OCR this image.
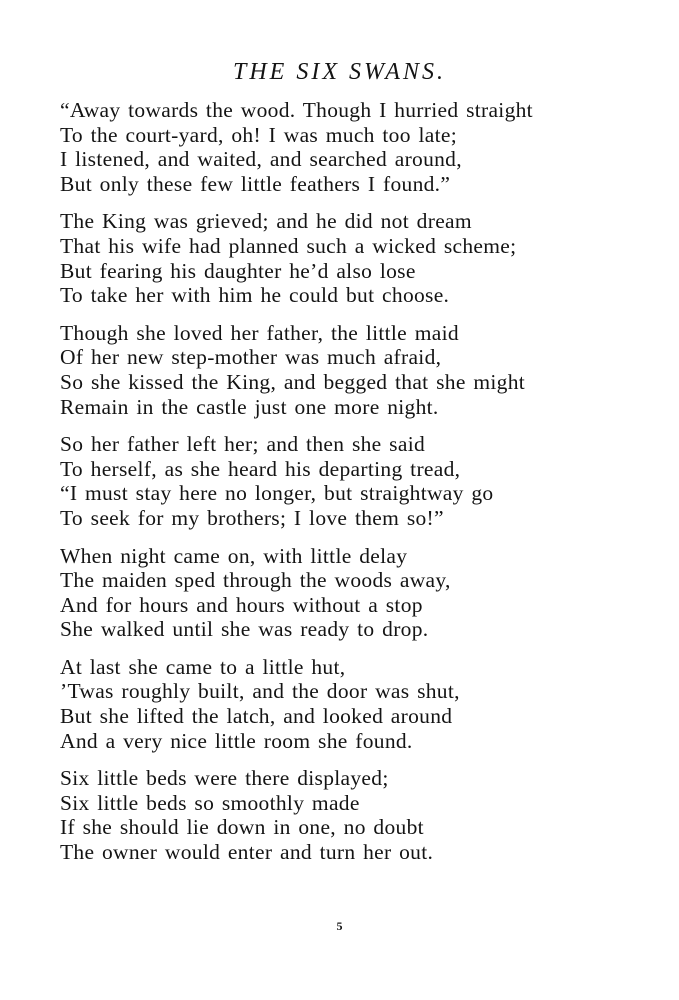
THE SIX SWANS.
“Away towards the wood. Though I hurried straight
To the court-yard, oh! I was much too late;
I listened, and waited, and searched around,
But only these few little feathers I found.”
The King was grieved; and he did not dream
That his wife had planned such a wicked scheme;
But fearing his daughter he’d also lose
To take her with him he could but choose.
Though she loved her father, the little maid
Of her new step-mother was much afraid,
So she kissed the King, and begged that she might
Remain in the castle just one more night.
So her father left her; and then she said
To herself, as she heard his departing tread,
“I must stay here no longer, but straightway go
To seek for my brothers; I love them so!”
When night came on, with little delay
The maiden sped through the woods away,
And for hours and hours without a stop
She walked until she was ready to drop.
At last she came to a little hut,
’Twas roughly built, and the door was shut,
But she lifted the latch, and looked around
And a very nice little room she found.
Six little beds were there displayed;
Six little beds so smoothly made
If she should lie down in one, no doubt
The owner would enter and turn her out.
5
